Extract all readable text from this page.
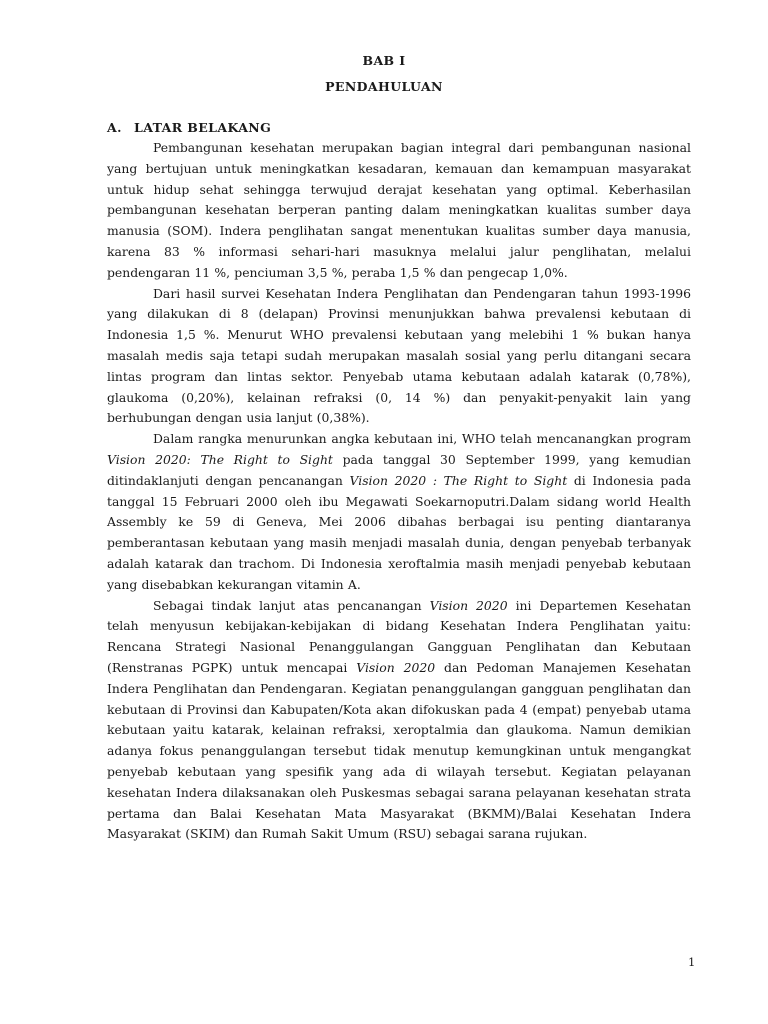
BAB I
PENDAHULUAN
A. LATAR BELAKANG

Pembangunan kesehatan merupakan bagian integral dari pembangunan nasional yang bertujuan untuk meningkatkan kesadaran, kemauan dan kemampuan masyarakat untuk hidup sehat sehingga terwujud derajat kesehatan yang optimal. Keberhasilan pembangunan kesehatan berperan panting dalam meningkatkan kualitas sumber daya manusia (SOM). Indera penglihatan sangat menentukan kualitas sumber daya manusia, karena 83 % informasi sehari-hari masuknya melalui jalur penglihatan, melalui pendengaran 11 %, penciuman 3,5 %, peraba 1,5 % dan pengecap 1,0%.

Dari hasil survei Kesehatan Indera Penglihatan dan Pendengaran tahun 1993-1996 yang dilakukan di 8 (delapan) Provinsi menunjukkan bahwa prevalensi kebutaan di Indonesia 1,5 %. Menurut WHO prevalensi kebutaan yang melebihi 1 % bukan hanya masalah medis saja tetapi sudah merupakan masalah sosial yang perlu ditangani secara lintas program dan lintas sektor. Penyebab utama kebutaan adalah katarak (0,78%), glaukoma (0,20%), kelainan refraksi (0, 14 %) dan penyakit-penyakit lain yang berhubungan dengan usia lanjut (0,38%).

Dalam rangka menurunkan angka kebutaan ini, WHO telah mencanangkan program Vision 2020: The Right to Sight pada tanggal 30 September 1999, yang kemudian ditindaklanjuti dengan pencanangan Vision 2020 : The Right to Sight di Indonesia pada tanggal 15 Februari 2000 oleh ibu Megawati Soekarnoputri.Dalam sidang world Health Assembly ke 59 di Geneva, Mei 2006 dibahas berbagai isu penting diantaranya pemberantasan kebutaan yang masih menjadi masalah dunia, dengan penyebab terbanyak adalah katarak dan trachom. Di Indonesia xeroftalmia masih menjadi penyebab kebutaan yang disebabkan kekurangan vitamin A.

Sebagai tindak lanjut atas pencanangan Vision 2020 ini Departemen Kesehatan telah menyusun kebijakan-kebijakan di bidang Kesehatan Indera Penglihatan yaitu: Rencana Strategi Nasional Penanggulangan Gangguan Penglihatan dan Kebutaan (Renstranas PGPK) untuk mencapai Vision 2020 dan Pedoman Manajemen Kesehatan Indera Penglihatan dan Pendengaran. Kegiatan penanggulangan gangguan penglihatan dan kebutaan di Provinsi dan Kabupaten/Kota akan difokuskan pada 4 (empat) penyebab utama kebutaan yaitu katarak, kelainan refraksi, xeroptalmia dan glaukoma. Namun demikian adanya fokus penanggulangan tersebut tidak menutup kemungkinan untuk mengangkat penyebab kebutaan yang spesifik yang ada di wilayah tersebut. Kegiatan pelayanan kesehatan Indera dilaksanakan oleh Puskesmas sebagai sarana pelayanan kesehatan strata pertama dan Balai Kesehatan Mata Masyarakat (BKMM)/Balai Kesehatan Indera Masyarakat (SKIM) dan Rumah Sakit Umum (RSU) sebagai sarana rujukan.

1
